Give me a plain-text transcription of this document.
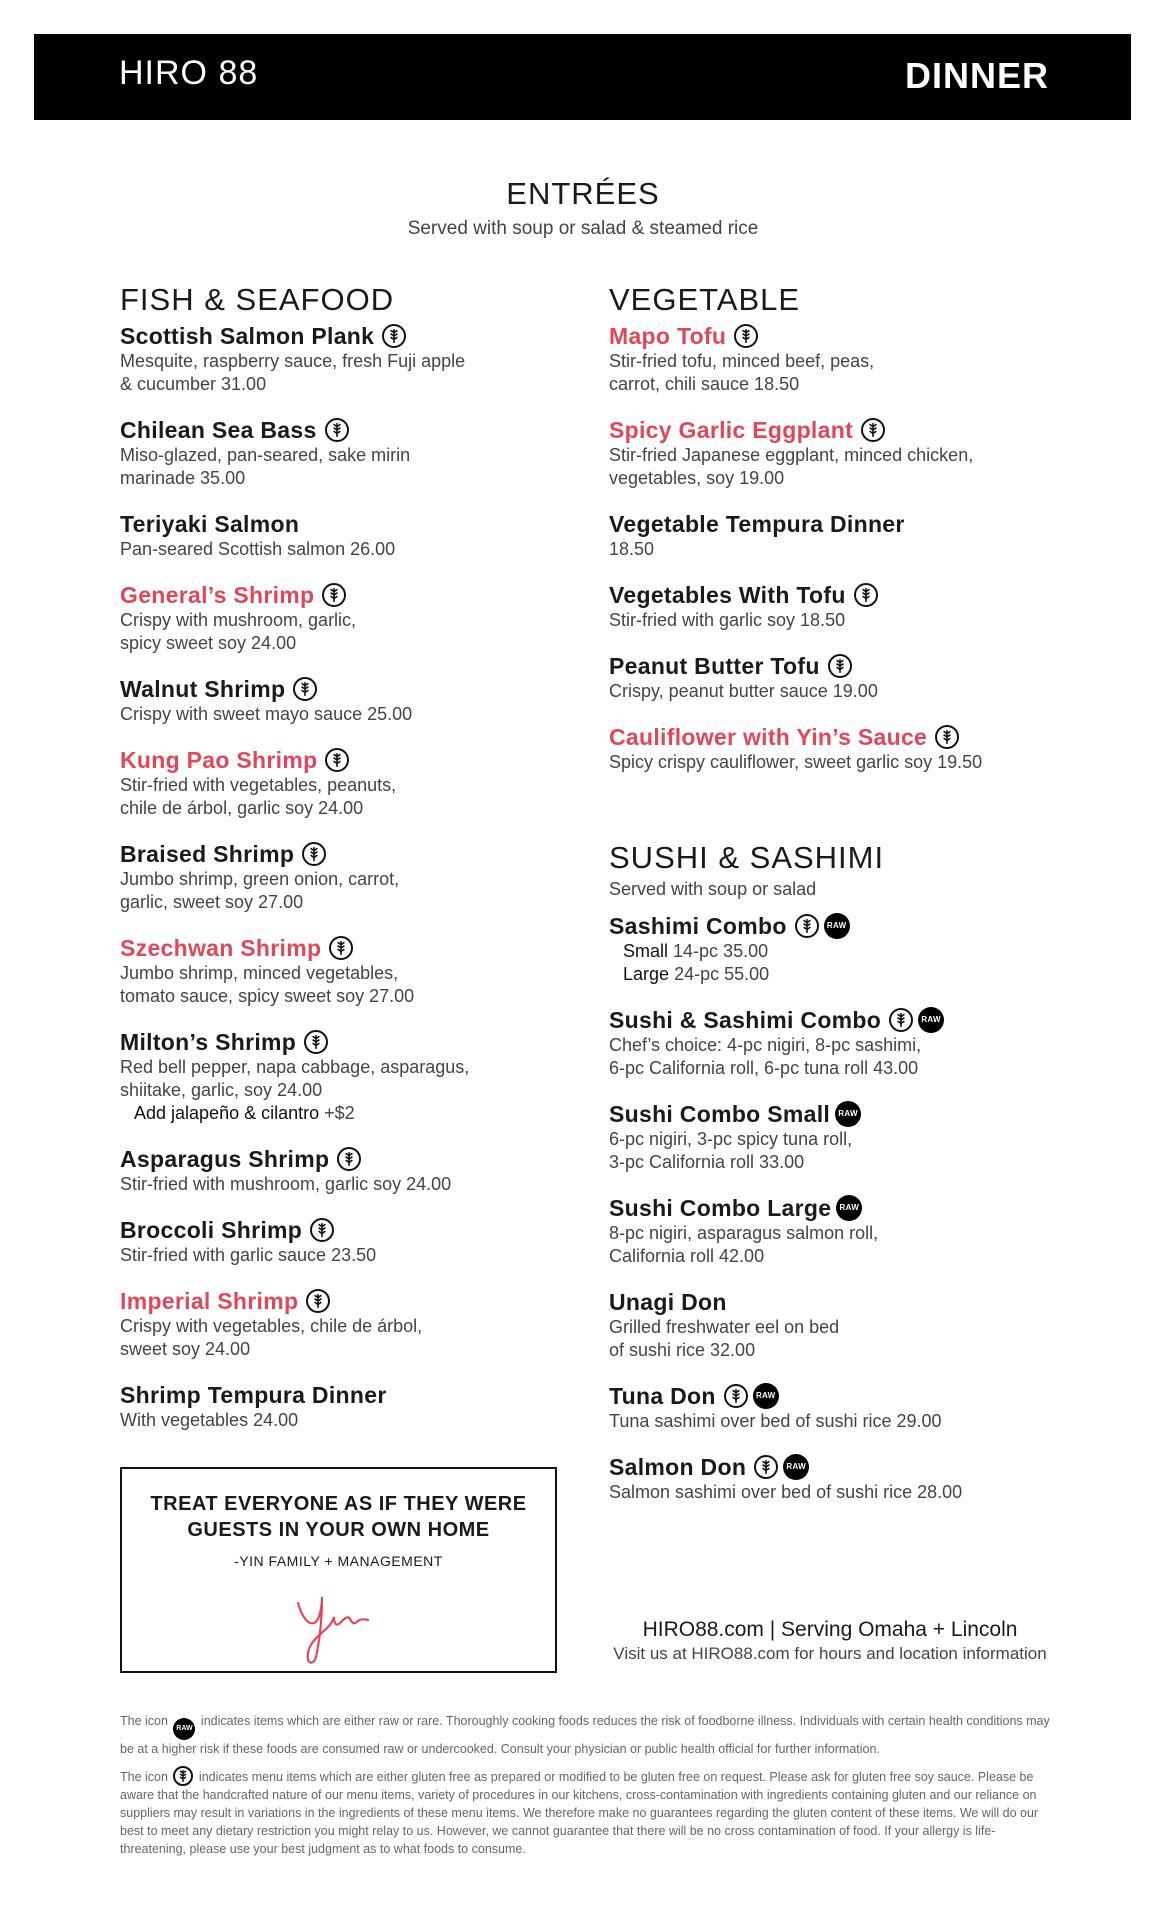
HIRO 88	DINNER
ENTRÉES
Served with soup or salad & steamed rice
FISH & SEAFOOD
Scottish Salmon Plank
Mesquite, raspberry sauce, fresh Fuji apple
& cucumber 31.00
Chilean Sea Bass
Miso-glazed, pan-seared, sake mirin
marinade 35.00
Teriyaki Salmon
Pan-seared Scottish salmon 26.00
General’s Shrimp
Crispy with mushroom, garlic,
spicy sweet soy 24.00
Walnut Shrimp
Crispy with sweet mayo sauce 25.00
Kung Pao Shrimp
Stir-fried with vegetables, peanuts,
chile de árbol, garlic soy 24.00
Braised Shrimp
Jumbo shrimp, green onion, carrot,
garlic, sweet soy 27.00
Szechwan Shrimp
Jumbo shrimp, minced vegetables,
tomato sauce, spicy sweet soy 27.00
Milton’s Shrimp
Red bell pepper, napa cabbage, asparagus,
shiitake, garlic, soy 24.00
Add jalapeño & cilantro +$2
Asparagus Shrimp
Stir-fried with mushroom, garlic soy 24.00
Broccoli Shrimp
Stir-fried with garlic sauce 23.50
Imperial Shrimp
Crispy with vegetables, chile de árbol,
sweet soy 24.00
Shrimp Tempura Dinner
With vegetables 24.00
VEGETABLE
Mapo Tofu
Stir-fried tofu, minced beef, peas,
carrot, chili sauce 18.50
Spicy Garlic Eggplant
Stir-fried Japanese eggplant, minced chicken,
vegetables, soy 19.00
Vegetable Tempura Dinner
18.50
Vegetables With Tofu
Stir-fried with garlic soy 18.50
Peanut Butter Tofu
Crispy, peanut butter sauce 19.00
Cauliflower with Yin’s Sauce
Spicy crispy cauliflower, sweet garlic soy 19.50
SUSHI & SASHIMI
Served with soup or salad
Sashimi Combo	RAW
Small 14-pc 35.00
Large 24-pc 55.00
Sushi & Sashimi Combo	RAW
Chef’s choice: 4-pc nigiri, 8-pc sashimi,
6-pc California roll, 6-pc tuna roll 43.00
Sushi Combo Small	RAW
6-pc nigiri, 3-pc spicy tuna roll,
3-pc California roll 33.00
Sushi Combo Large	RAW
8-pc nigiri, asparagus salmon roll,
California roll 42.00
Unagi Don
Grilled freshwater eel on bed
of sushi rice 32.00
Tuna Don	RAW
Tuna sashimi over bed of sushi rice 29.00
Salmon Don	RAW
Salmon sashimi over bed of sushi rice 28.00
TREAT EVERYONE AS IF THEY WERE GUESTS IN YOUR OWN HOME
-YIN FAMILY + MANAGEMENT
HIRO88.com | Serving Omaha + Lincoln
Visit us at HIRO88.com for hours and location information

The icon RAW indicates items which are either raw or rare. Thoroughly cooking foods reduces the risk of foodborne illness. Individuals with certain health conditions may be at a higher risk if these foods are consumed raw or undercooked. Consult your physician or public health official for further information.

The icon indicates menu items which are either gluten free as prepared or modified to be gluten free on request. Please ask for gluten free soy sauce. Please be aware that the handcrafted nature of our menu items, variety of procedures in our kitchens, cross-contamination with ingredients containing gluten and our reliance on suppliers may result in variations in the ingredients of these menu items. We therefore make no guarantees regarding the gluten content of these items. We will do our best to meet any dietary restriction you might relay to us. However, we cannot guarantee that there will be no cross contamination of food. If your allergy is life-threatening, please use your best judgment as to what foods to consume.
